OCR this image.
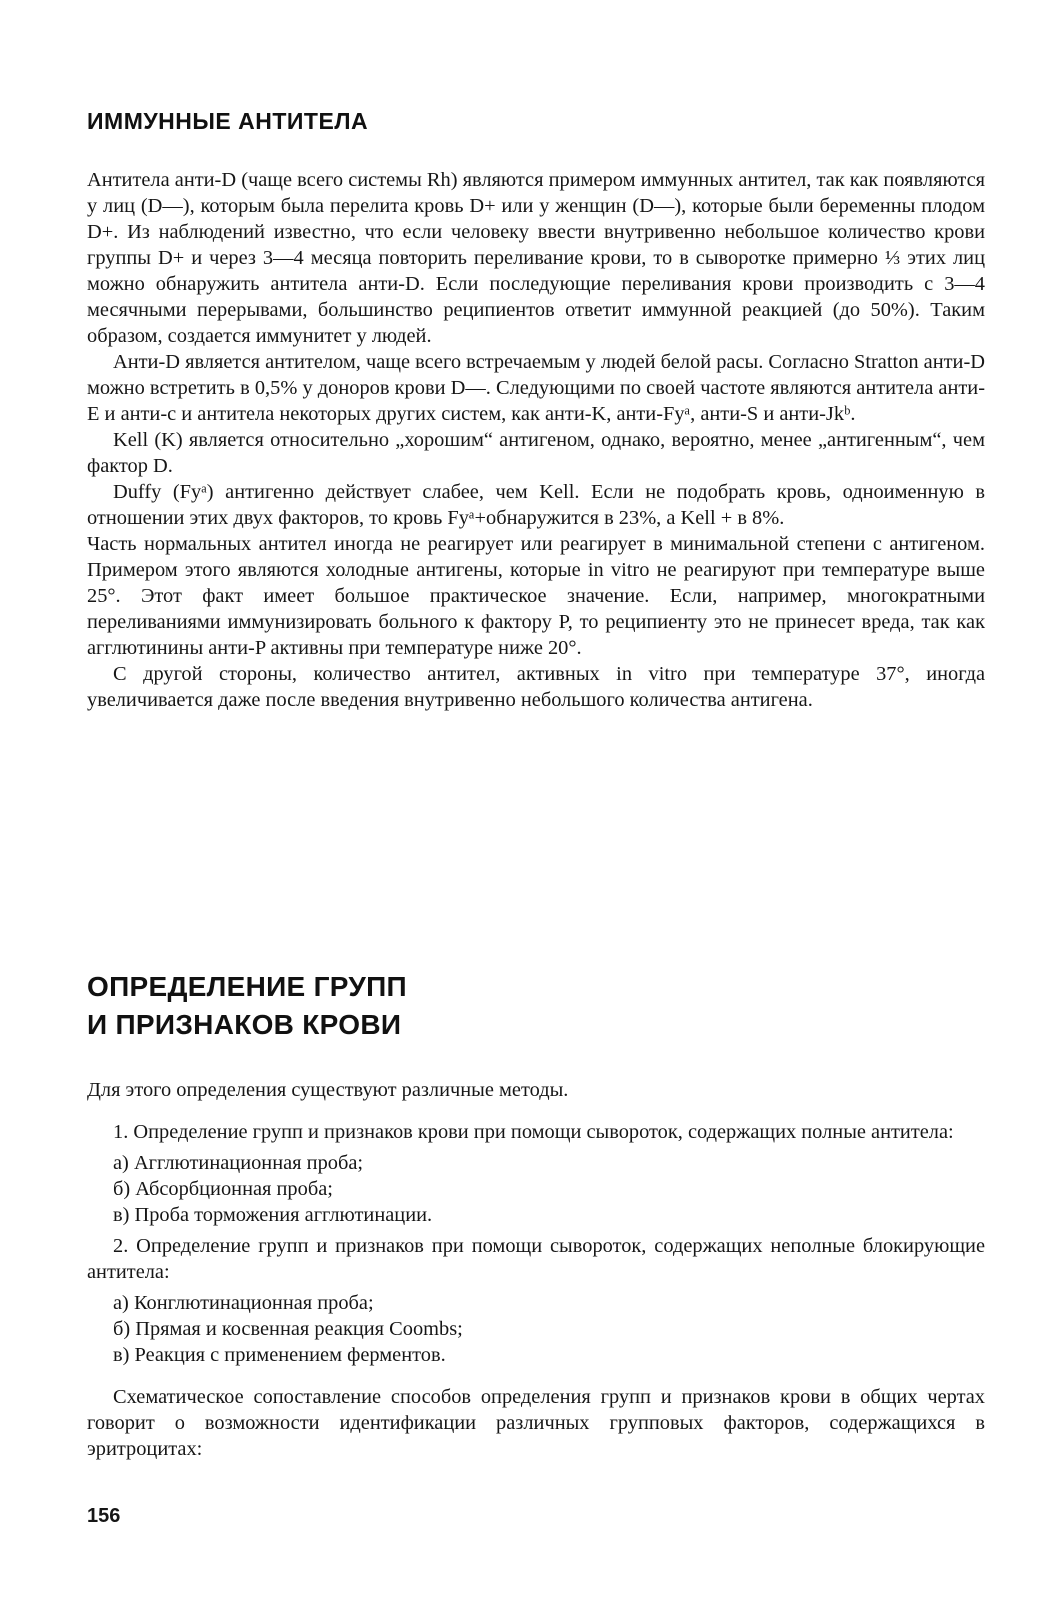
ИММУННЫЕ АНТИТЕЛА

Антитела анти-D (чаще всего системы Rh) являются примером иммунных антител, так как появляются у лиц (D—), которым была перелита кровь D+ или у женщин (D—), которые были беременны плодом D+. Из наблюдений известно, что если человеку ввести внутривенно небольшое количество крови группы D+ и через 3—4 месяца повторить переливание крови, то в сыворотке примерно ⅓ этих лиц можно обнаружить антитела анти-D. Если последующие переливания крови производить с 3—4 месячными перерывами, большинство реципиентов ответит иммунной реакцией (до 50%). Таким образом, создается иммунитет у людей.

Анти-D является антителом, чаще всего встречаемым у людей белой расы. Согласно Stratton анти-D можно встретить в 0,5% у доноров крови D—. Следующими по своей частоте являются антитела анти-E и анти-c и антитела некоторых других систем, как анти-K, анти-Fyᵃ, анти-S и анти-Jkᵇ.

Kell (K) является относительно „хорошим“ антигеном, однако, вероятно, менее „антигенным“, чем фактор D.

Duffy (Fyᵃ) антигенно действует слабее, чем Kell. Если не подобрать кровь, одноименную в отношении этих двух факторов, то кровь Fyᵃ+обнаружится в 23%, а Kell + в 8%.

Часть нормальных антител иногда не реагирует или реагирует в минимальной степени с антигеном. Примером этого являются холодные антигены, которые in vitro не реагируют при температуре выше 25°. Этот факт имеет большое практическое значение. Если, например, многократными переливаниями иммунизировать больного к фактору P, то реципиенту это не принесет вреда, так как агглютинины анти-P активны при температуре ниже 20°.

С другой стороны, количество антител, активных in vitro при температуре 37°, иногда увеличивается даже после введения внутривенно небольшого количества антигена.

ОПРЕДЕЛЕНИЕ ГРУПП
И ПРИЗНАКОВ КРОВИ

Для этого определения существуют различные методы.

1. Определение групп и признаков крови при помощи сывороток, содержащих полные антитела:

а) Агглютинационная проба;
б) Абсорбционная проба;
в) Проба торможения агглютинации.

2. Определение групп и признаков при помощи сывороток, содержащих неполные блокирующие антитела:

а) Конглютинационная проба;
б) Прямая и косвенная реакция Coombs;
в) Реакция с применением ферментов.

Схематическое сопоставление способов определения групп и признаков крови в общих чертах говорит о возможности идентификации различных групповых факторов, содержащихся в эритроцитах:

156
